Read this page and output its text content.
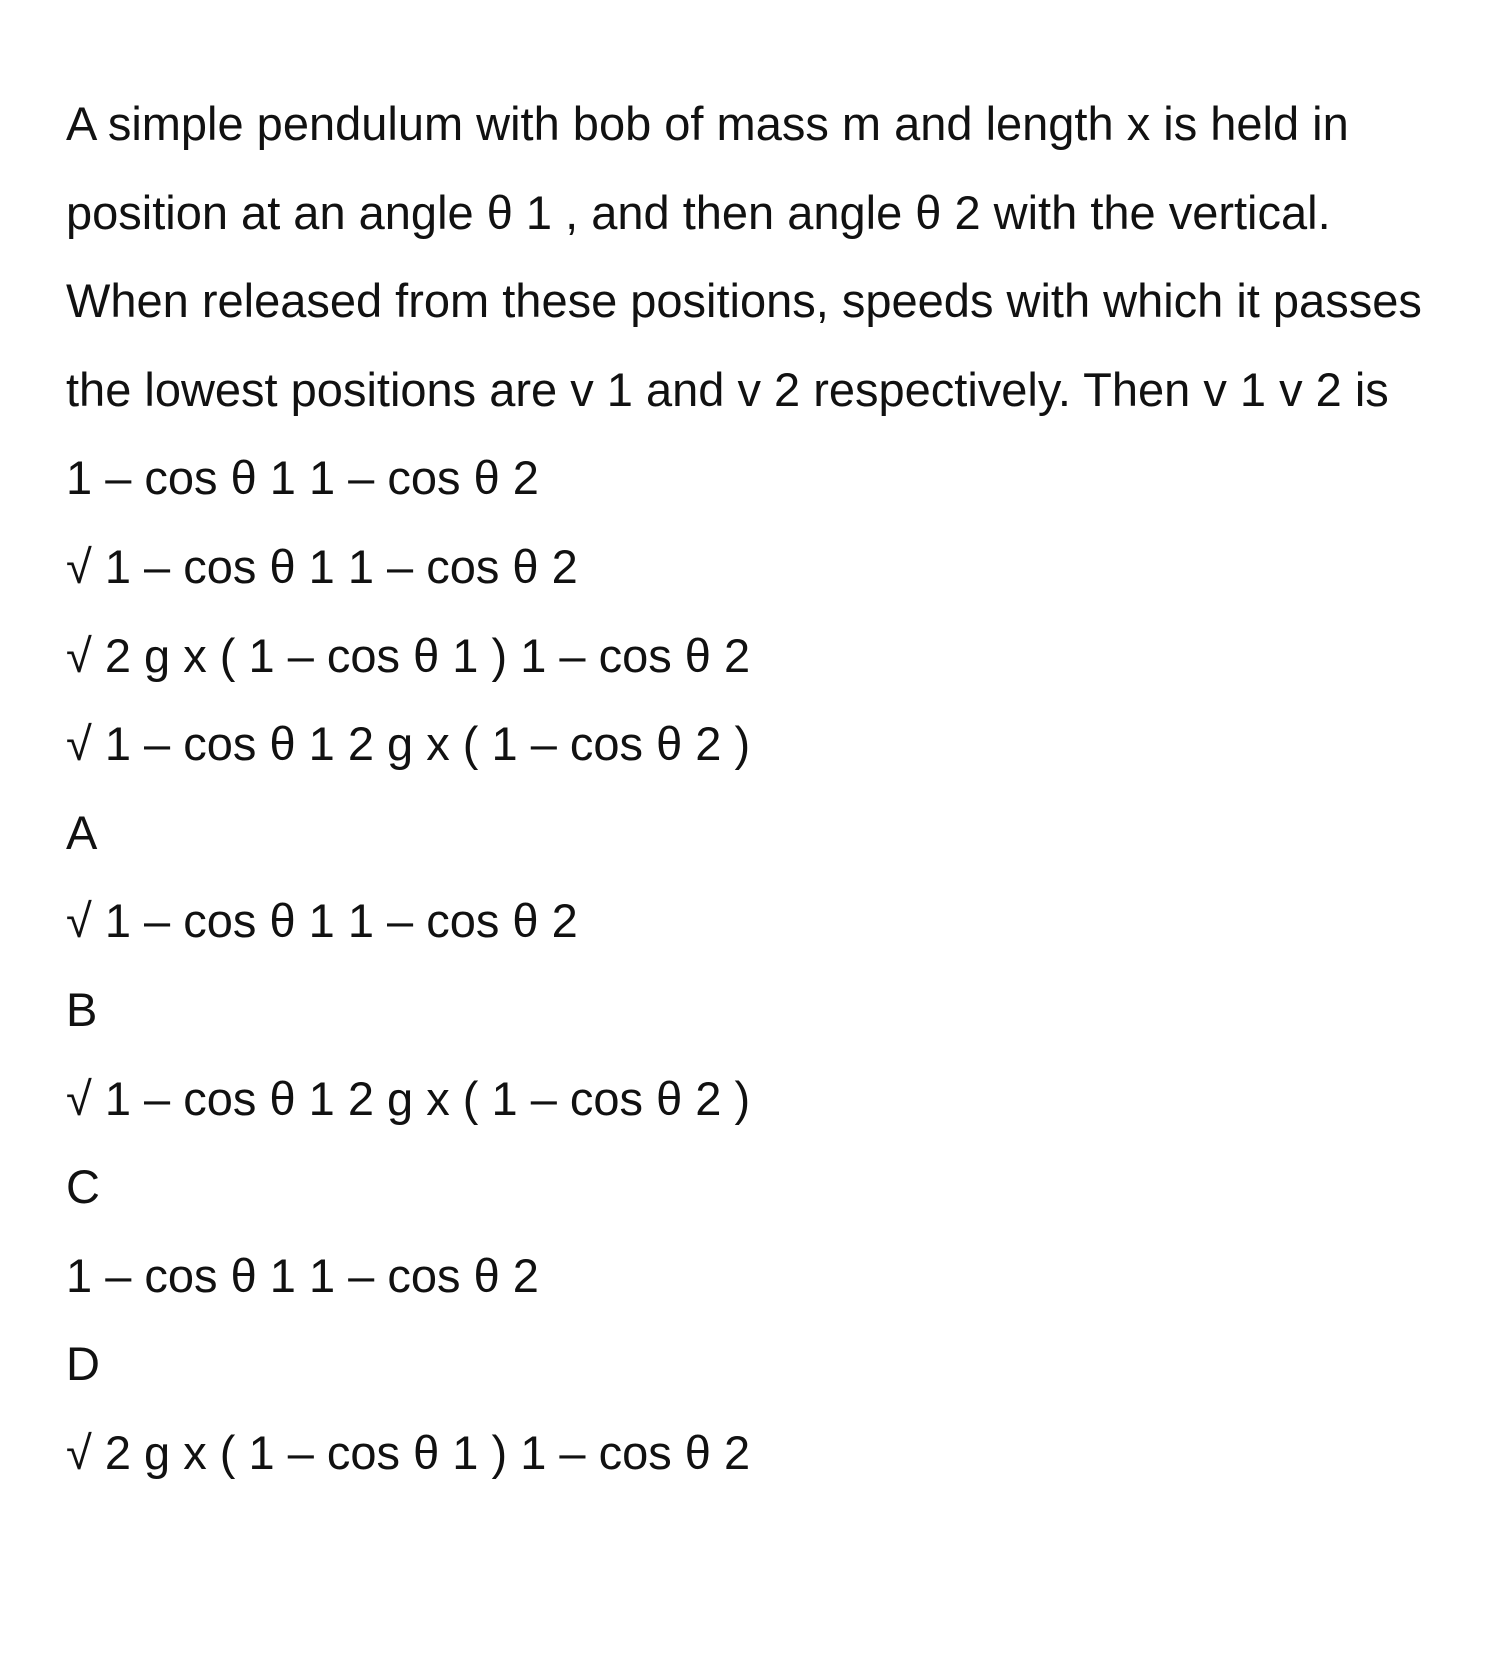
A simple pendulum with bob of mass m and length x is held in position at an angle θ 1 , and then angle θ 2 with the vertical. When released from these positions, speeds with which it passes the lowest positions are v 1 and v 2 respectively. Then v 1 v 2 is

1 – cos θ 1 1 – cos θ 2

√ 1 – cos θ 1 1 – cos θ 2

√ 2 g x ( 1 – cos θ 1 ) 1 – cos θ 2

√ 1 – cos θ 1 2 g x ( 1 – cos θ 2 )

A

√ 1 – cos θ 1 1 – cos θ 2

B

√ 1 – cos θ 1 2 g x ( 1 – cos θ 2 )

C

1 – cos θ 1 1 – cos θ 2

D

√ 2 g x ( 1 – cos θ 1 ) 1 – cos θ 2
